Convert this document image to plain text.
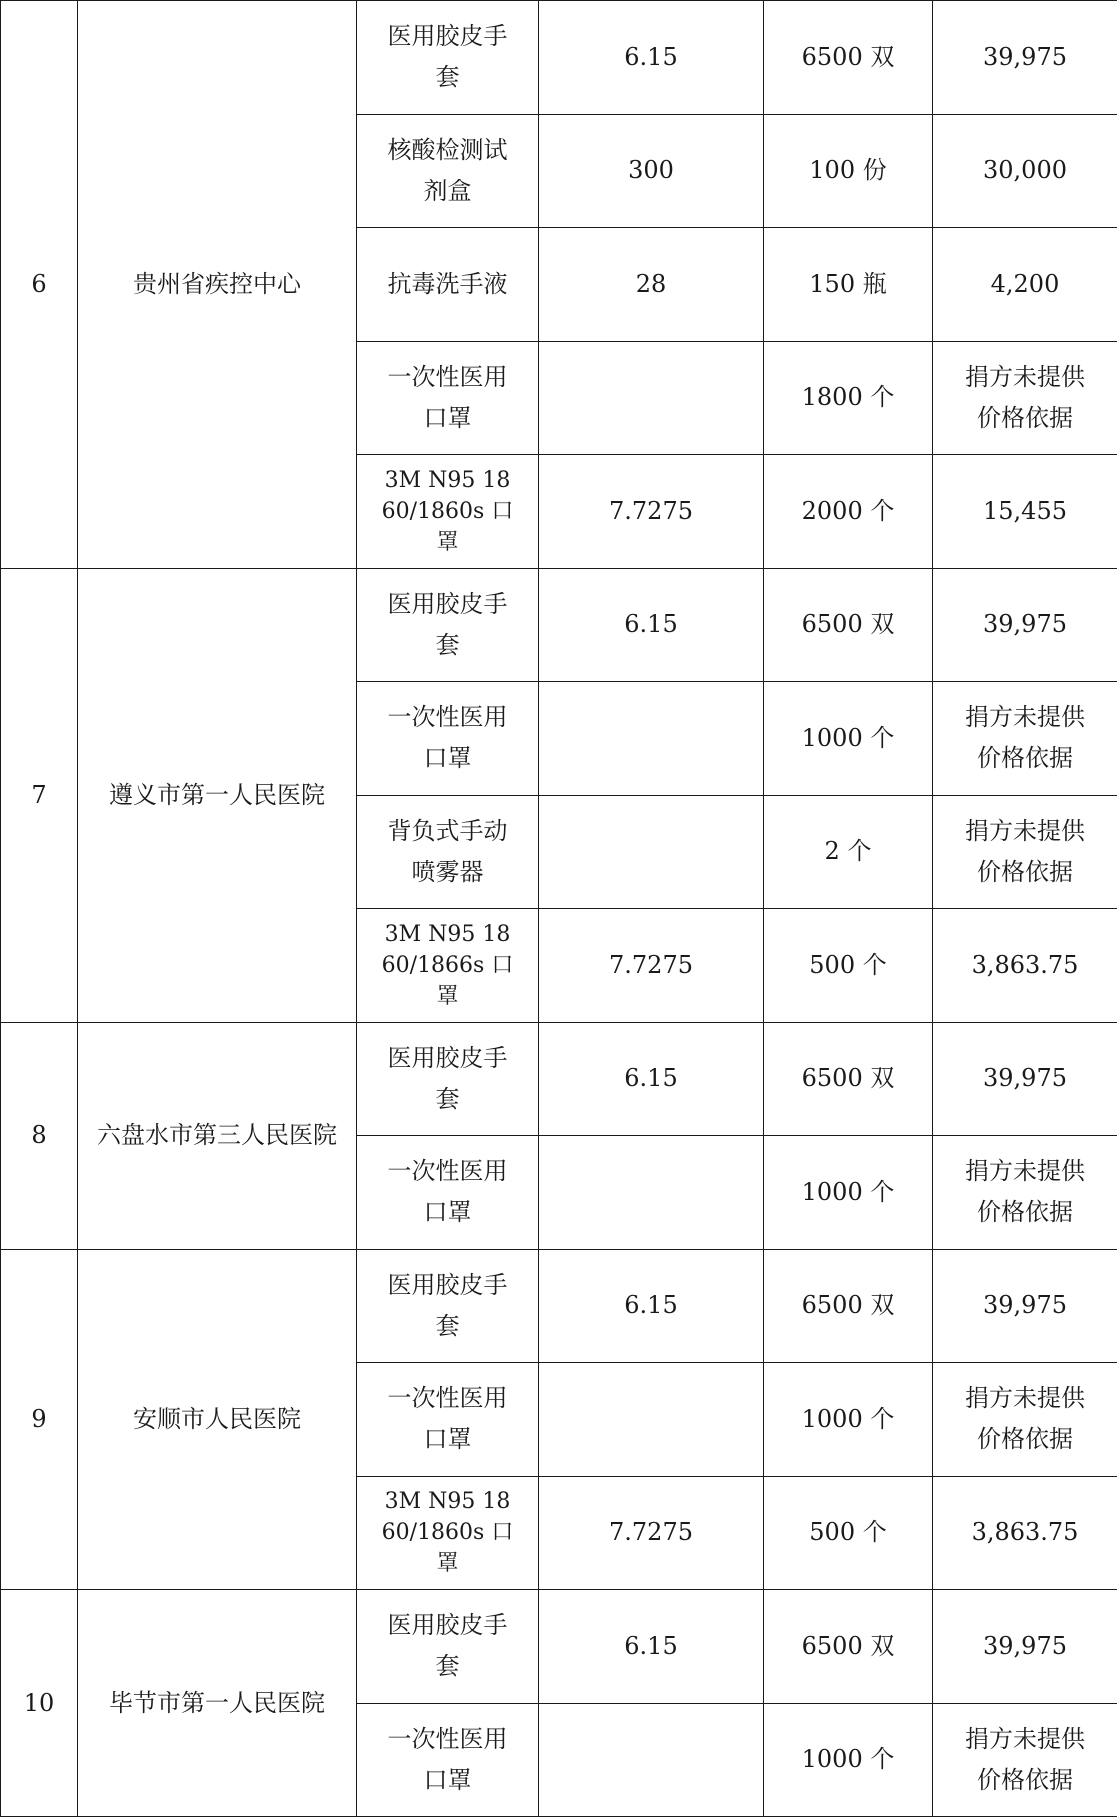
6	贵州省疾控中心	医用胶皮手套	6.15	6500 双	39,975
		核酸检测试剂盒	300	100 份	30,000
		抗毒洗手液	28	150 瓶	4,200
		一次性医用口罩		1800 个	捐方未提供价格依据
		3M N95 1860/1860s 口罩	7.7275	2000 个	15,455
7	遵义市第一人民医院	医用胶皮手套	6.15	6500 双	39,975
		一次性医用口罩		1000 个	捐方未提供价格依据
		背负式手动喷雾器		2 个	捐方未提供价格依据
		3M N95 1860/1866s 口罩	7.7275	500 个	3,863.75
8	六盘水市第三人民医院	医用胶皮手套	6.15	6500 双	39,975
		一次性医用口罩		1000 个	捐方未提供价格依据
9	安顺市人民医院	医用胶皮手套	6.15	6500 双	39,975
		一次性医用口罩		1000 个	捐方未提供价格依据
		3M N95 1860/1860s 口罩	7.7275	500 个	3,863.75
10	毕节市第一人民医院	医用胶皮手套	6.15	6500 双	39,975
		一次性医用口罩		1000 个	捐方未提供价格依据
